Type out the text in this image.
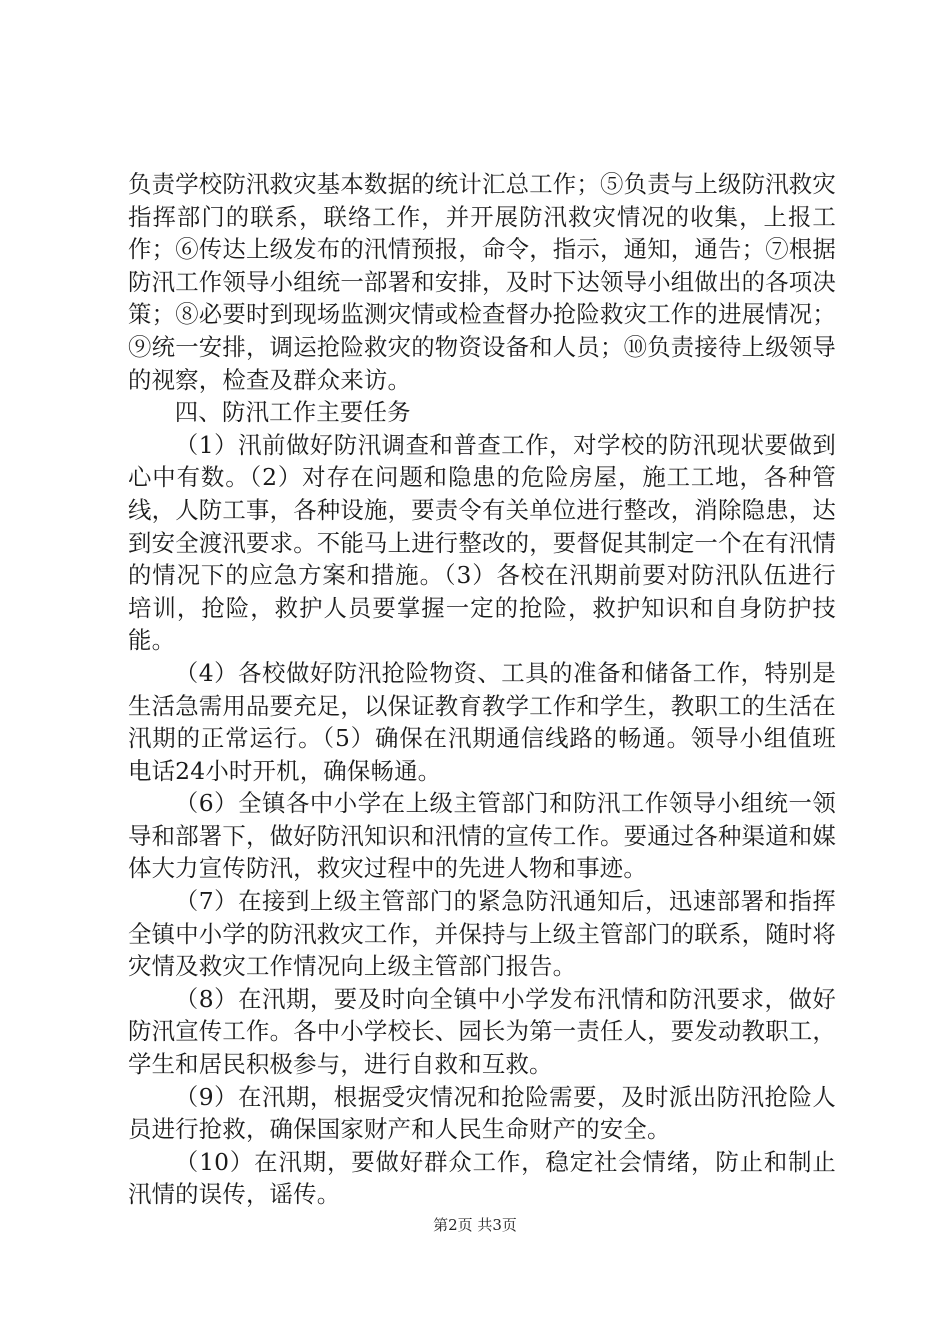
负责学校防汛救灾基本数据的统计汇总工作；⑤负责与上级防汛救灾指挥部门的联系，联络工作，并开展防汛救灾情况的收集，上报工作；⑥传达上级发布的汛情预报，命令，指示，通知，通告；⑦根据防汛工作领导小组统一部署和安排，及时下达领导小组做出的各项决策；⑧必要时到现场监测灾情或检查督办抢险救灾工作的进展情况；⑨统一安排，调运抢险救灾的物资设备和人员；⑩负责接待上级领导的视察，检查及群众来访。

四、防汛工作主要任务

（1）汛前做好防汛调查和普查工作，对学校的防汛现状要做到心中有数。（2）对存在问题和隐患的危险房屋，施工工地，各种管线，人防工事，各种设施，要责令有关单位进行整改，消除隐患，达到安全渡汛要求。不能马上进行整改的，要督促其制定一个在有汛情的情况下的应急方案和措施。（3）各校在汛期前要对防汛队伍进行培训，抢险，救护人员要掌握一定的抢险，救护知识和自身防护技能。

（4）各校做好防汛抢险物资、工具的准备和储备工作，特别是生活急需用品要充足，以保证教育教学工作和学生，教职工的生活在汛期的正常运行。（5）确保在汛期通信线路的畅通。领导小组值班电话24小时开机，确保畅通。

（6）全镇各中小学在上级主管部门和防汛工作领导小组统一领导和部署下，做好防汛知识和汛情的宣传工作。要通过各种渠道和媒体大力宣传防汛，救灾过程中的先进人物和事迹。

（7）在接到上级主管部门的紧急防汛通知后，迅速部署和指挥全镇中小学的防汛救灾工作，并保持与上级主管部门的联系，随时将灾情及救灾工作情况向上级主管部门报告。

（8）在汛期，要及时向全镇中小学发布汛情和防汛要求，做好防汛宣传工作。各中小学校长、园长为第一责任人，要发动教职工，学生和居民积极参与，进行自救和互救。

（9）在汛期，根据受灾情况和抢险需要，及时派出防汛抢险人员进行抢救，确保国家财产和人民生命财产的安全。

（10）在汛期，要做好群众工作，稳定社会情绪，防止和制止汛情的误传，谣传。

第2页 共3页
